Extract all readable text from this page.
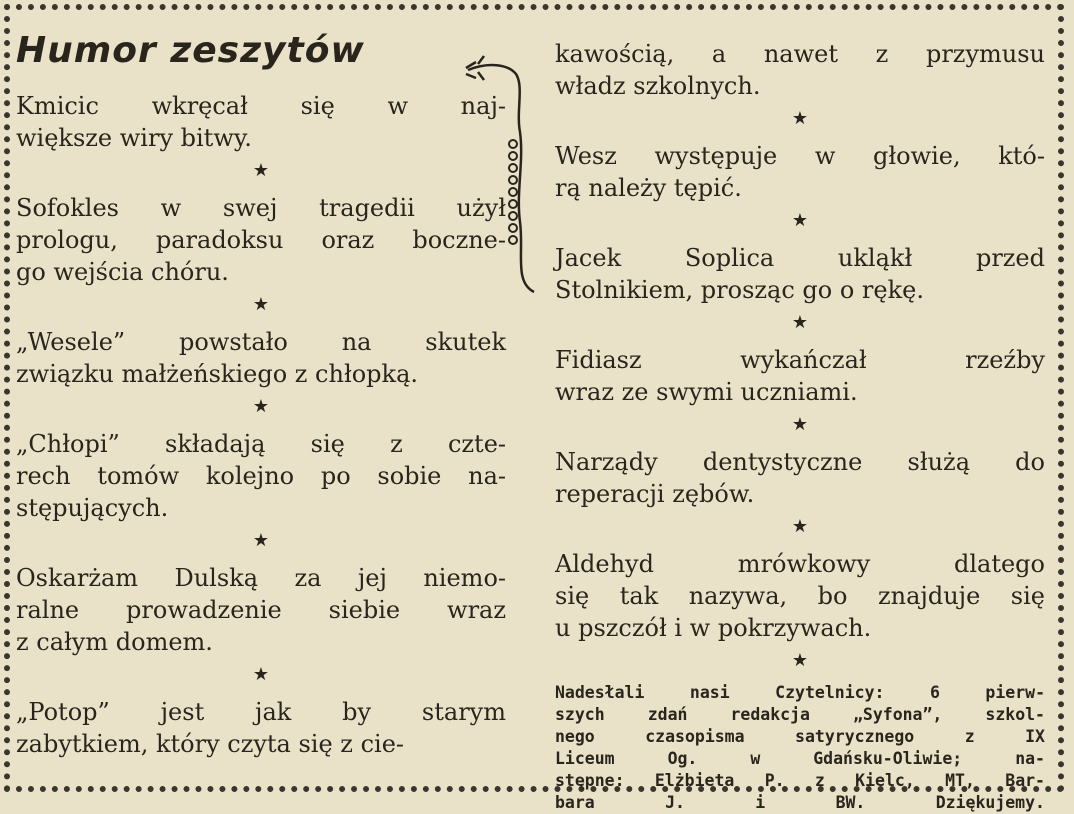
Humor zeszytów
Kmicic wkręcał się w naj-
większe wiry bitwy.
★
Sofokles w swej tragedii użył
prologu, paradoksu oraz boczne-
go wejścia chóru.
★
„Wesele” powstało na skutek
związku małżeńskiego z chłopką.
★
„Chłopi” składają się z czte-
rech tomów kolejno po sobie na-
stępujących.
★
Oskarżam Dulską za jej niemo-
ralne prowadzenie siebie wraz
z całym domem.
★
„Potop” jest jak by starym
zabytkiem, który czyta się z cie-
kawością, a nawet z przymusu
władz szkolnych.
★
Wesz występuje w głowie, któ-
rą należy tępić.
★
Jacek Soplica ukląkł przed
Stolnikiem, prosząc go o rękę.
★
Fidiasz wykańczał rzeźby
wraz ze swymi uczniami.
★
Narządy dentystyczne służą do
reperacji zębów.
★
Aldehyd mrówkowy dlatego
się tak nazywa, bo znajduje się
u pszczół i w pokrzywach.
★
Nadesłali nasi Czytelnicy: 6 pierw-
szych zdań redakcja „Syfona”, szkol-
nego czasopisma satyrycznego z IX
Liceum Og. w Gdańsku-Oliwie; na-
stępne: Elżbieta P. z Kielc, MT, Bar-
bara J. i BW. Dziękujemy.
